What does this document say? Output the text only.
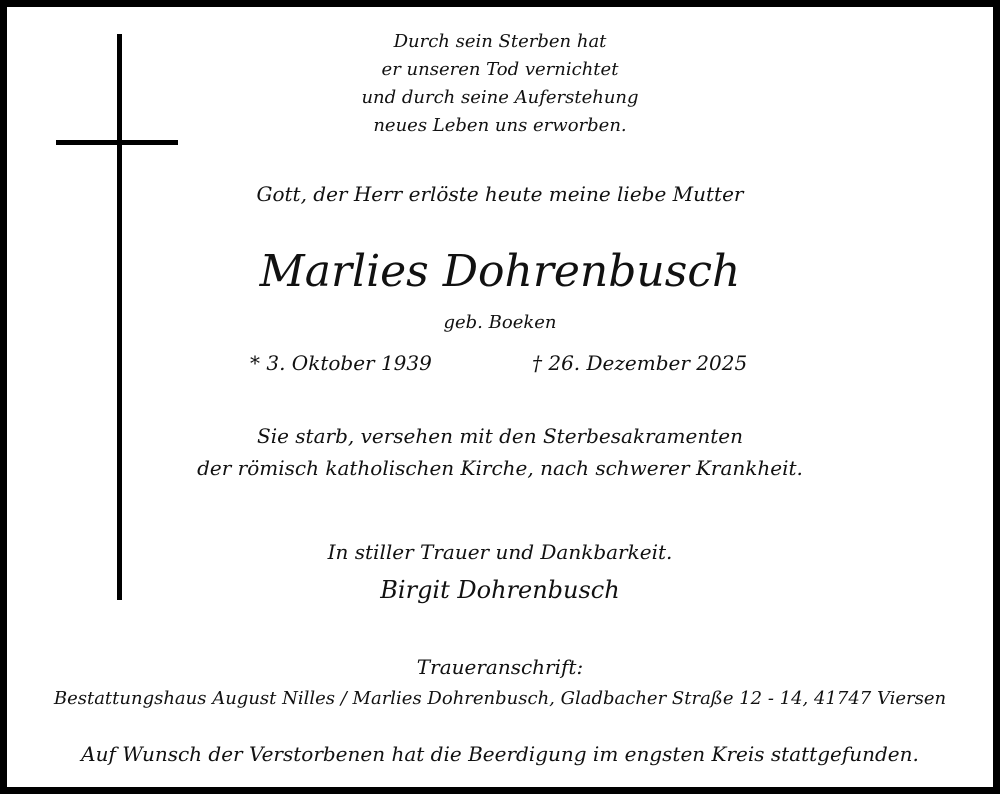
Durch sein Sterben hat
er unseren Tod vernichtet
und durch seine Auferstehung
neues Leben uns erworben.
Gott, der Herr erlöste heute meine liebe Mutter
Marlies Dohrenbusch
geb. Boeken
* 3. Oktober 1939	† 26. Dezember 2025
Sie starb, versehen mit den Sterbesakramenten
der römisch katholischen Kirche, nach schwerer Krankheit.
In stiller Trauer und Dankbarkeit.
Birgit Dohrenbusch
Traueranschrift:
Bestattungshaus August Nilles / Marlies Dohrenbusch, Gladbacher Straße 12 - 14, 41747 Viersen
Auf Wunsch der Verstorbenen hat die Beerdigung im engsten Kreis stattgefunden.
